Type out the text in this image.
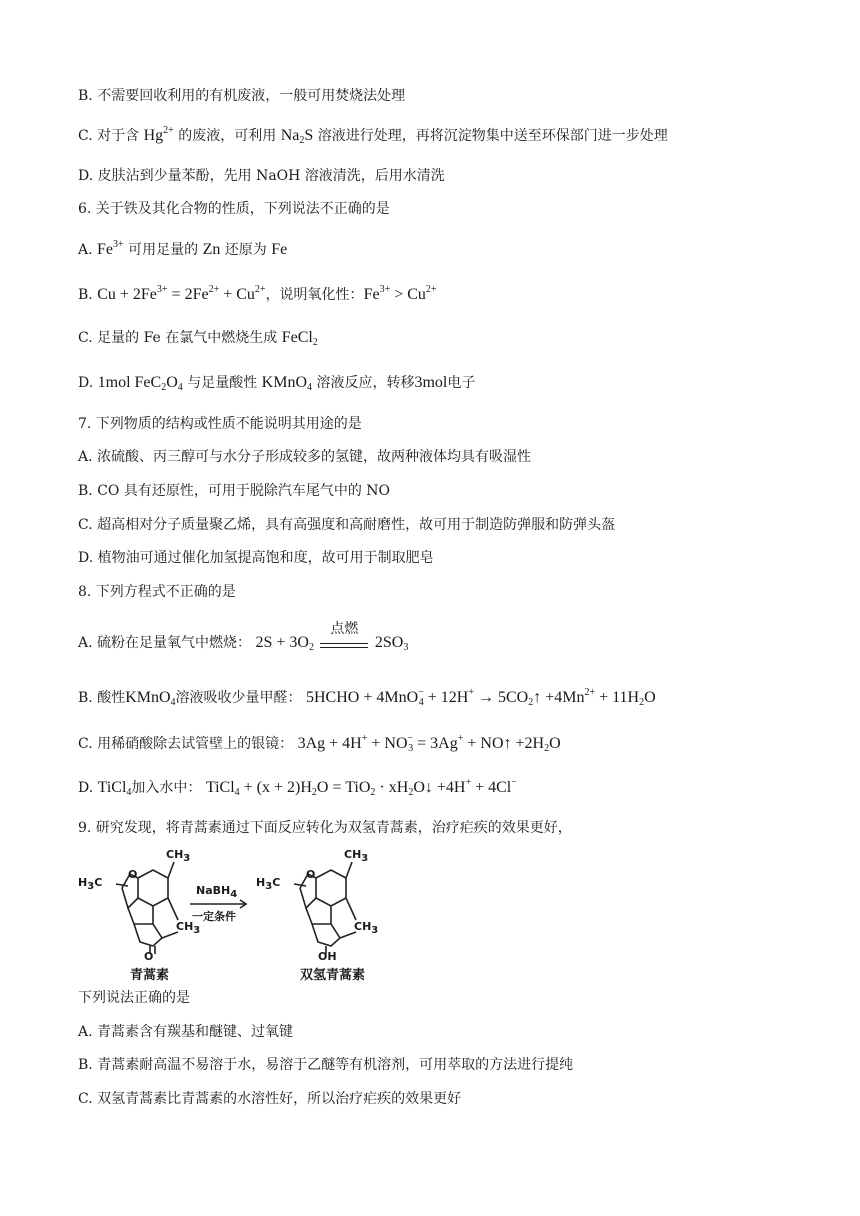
B. 不需要回收利用的有机废液，一般可用焚烧法处理
C. 对于含 $Hg^{2+}$ 的废液，可利用 $Na_2S$ 溶液进行处理，再将沉淀物集中送至环保部门进一步处理
D. 皮肤沾到少量苯酚，先用 NaOH 溶液清洗，后用水清洗
6. 关于铁及其化合物的性质，下列说法不正确的是
A. $Fe^{3+}$ 可用足量的 Zn 还原为 Fe
B. $Cu + 2Fe^{3+} = 2Fe^{2+} + Cu^{2+}$，说明氧化性：$Fe^{3+} > Cu^{2+}$
C. 足量的 Fe 在氯气中燃烧生成 FeCl$_2$
D. 1mol $FeC_2O_4$ 与足量酸性 KMnO$_4$ 溶液反应，转移3mol电子
7. 下列物质的结构或性质不能说明其用途的是
A. 浓硫酸、丙三醇可与水分子形成较多的氢键，故两种液体均具有吸湿性
B. CO 具有还原性，可用于脱除汽车尾气中的 NO
C. 超高相对分子质量聚乙烯，具有高强度和高耐磨性，故可用于制造防弹服和防弹头盔
D. 植物油可通过催化加氢提高饱和度，故可用于制取肥皂
8. 下列方程式不正确的是
A. 硫粉在足量氧气中燃烧： $2S + 3O_2$
点燃
$2SO_3$
B. 酸性KMnO$_4$溶液吸收少量甲醛： 5HCHO + $4MnO^-_4 + 12H^+ \to 5CO_2↑ +4Mn^{2+} + 11H_2O$
C. 用稀硝酸除去试管壁上的银镜： $3Ag + 4H^+ + NO^-_3 = 3Ag^+$ + NO↑ $+2H_2O$
D. TiCl$_4$加入水中： TiCl$_4$ + $(x + 2)H_2O = TiO_2$ · $xH_2O↓ +4H^+ + 4Cl^-$
9. 研究发现，将青蒿素通过下面反应转化为双氢青蒿素，治疗疟疾的效果更好，
$CH_3$
$H_3C$
O
O
$CH_3$
NaBH$_4$
一定条件
$CH_3$
$H_3C$
O
OH
$CH_3$
青蒿素	双氢青蒿素
下列说法正确的是
A. 青蒿素含有羰基和醚键、过氧键
B. 青蒿素耐高温不易溶于水，易溶于乙醚等有机溶剂，可用萃取的方法进行提纯
C. 双氢青蒿素比青蒿素的水溶性好，所以治疗疟疾的效果更好
